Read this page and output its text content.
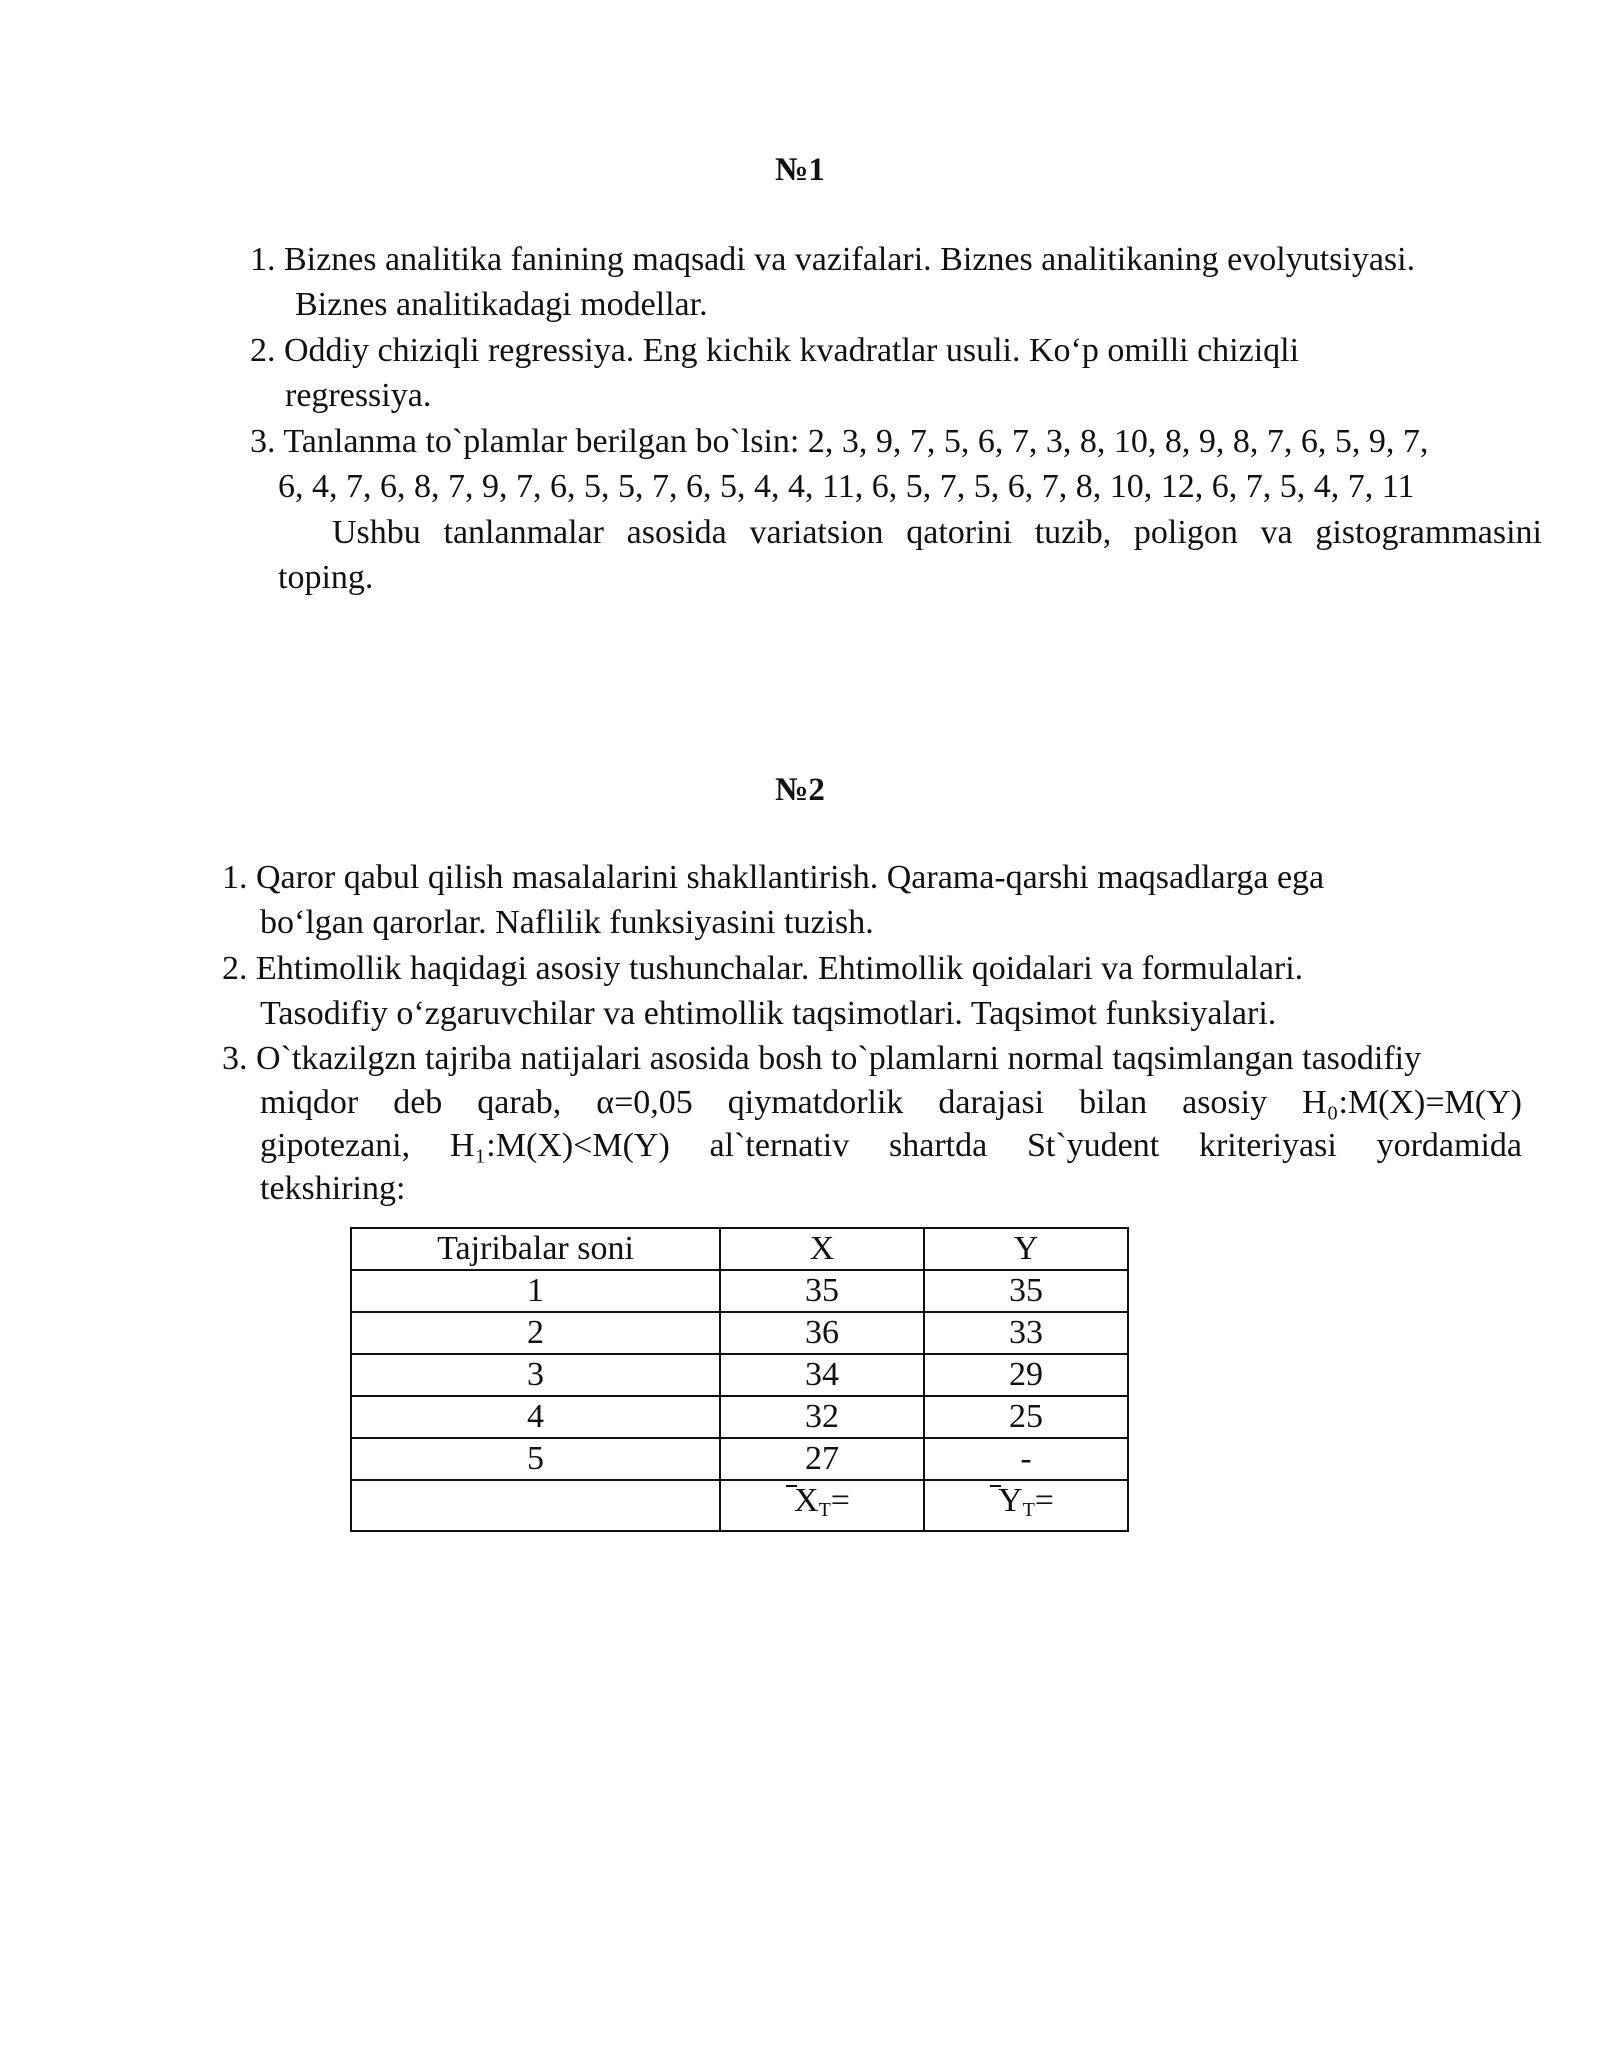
№1
1. Biznes analitika fanining maqsadi va vazifalari. Biznes analitikaning evolyutsiyasi.
Biznes analitikadagi modellar.
2. Oddiy chiziqli regressiya. Eng kichik kvadratlar usuli. Ko‘p omilli chiziqli
regressiya.
3. Tanlanma to`plamlar berilgan bo`lsin: 2, 3, 9, 7, 5, 6, 7, 3, 8, 10, 8, 9, 8, 7, 6, 5, 9, 7,
6, 4, 7, 6, 8, 7, 9, 7, 6, 5, 5, 7, 6, 5, 4, 4, 11, 6, 5, 7, 5, 6, 7, 8, 10, 12, 6, 7, 5, 4, 7, 11
Ushbu tanlanmalar asosida variatsion qatorini tuzib, poligon va gistogrammasini
toping.
№2
1. Qaror qabul qilish masalalarini shakllantirish. Qarama-qarshi maqsadlarga ega
bo‘lgan qarorlar. Naflilik funksiyasini tuzish.
2. Ehtimollik haqidagi asosiy tushunchalar. Ehtimollik qoidalari va formulalari.
Tasodifiy o‘zgaruvchilar va ehtimollik taqsimotlari. Taqsimot funksiyalari.
3. O`tkazilgzn tajriba natijalari asosida bosh to`plamlarni normal taqsimlangan tasodifiy
miqdor deb qarab, α=0,05 qiymatdorlik darajasi bilan asosiy H₀:M(X)=M(Y)
gipotezani, H₁:M(X)<M(Y) al`ternativ shartda St`yudent kriteriyasi yordamida
tekshiring:
Tajribalar soni	X	Y
1	35	35
2	36	33
3	34	29
4	32	25
5	27	-
	$X_T=$	$Y_T=$
